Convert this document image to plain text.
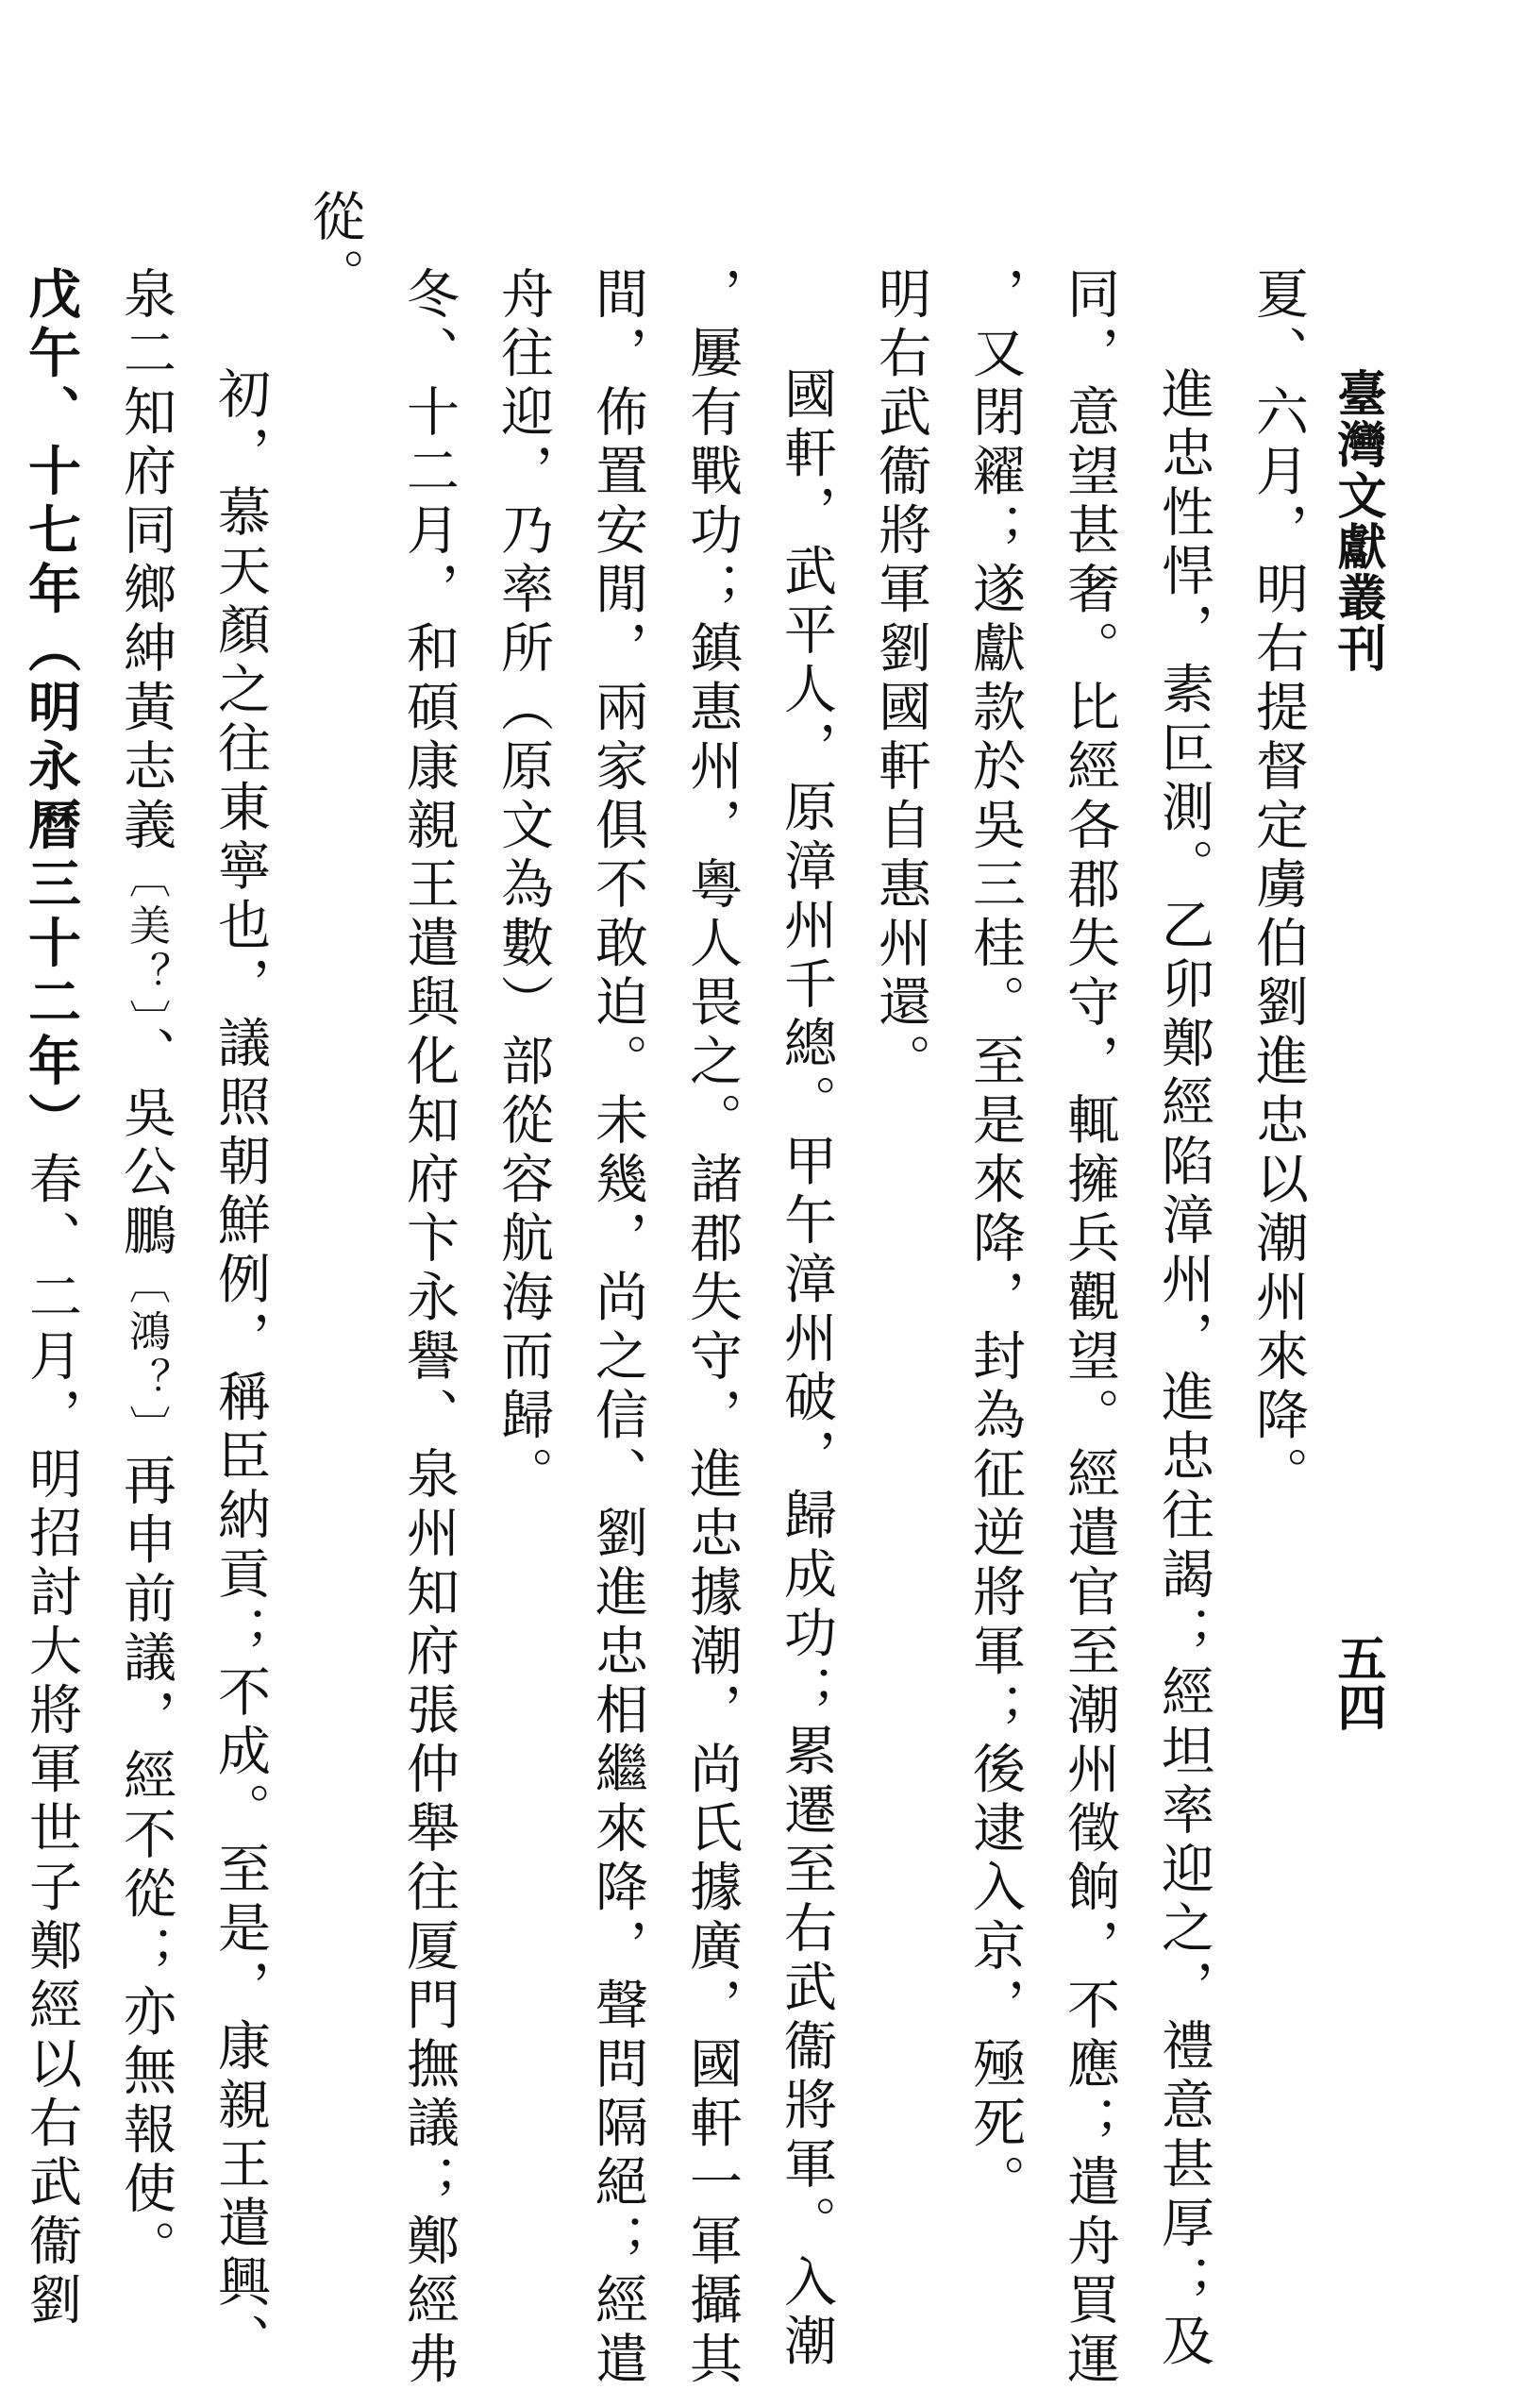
臺灣文獻叢刊
五四
夏、六月，明右提督定虜伯劉進忠以潮州來降。
進忠性悍，素叵測。乙卯鄭經陷漳州，進忠往謁；經坦率迎之，禮意甚厚；及
同，意望甚奢。比經各郡失守，輒擁兵觀望。經遣官至潮州徵餉，不應；遣舟買運
，又閉糴；遂獻款於吳三桂。至是來降，封為征逆將軍；後逮入京，殛死。
明右武衞將軍劉國軒自惠州還。
國軒，武平人，原漳州千總。甲午漳州破，歸成功；累遷至右武衞將軍。入潮
，屢有戰功；鎮惠州，粵人畏之。諸郡失守，進忠據潮，尚氏據廣，國軒一軍攝其
間，佈置安閒，兩家俱不敢迫。未幾，尚之信、劉進忠相繼來降，聲問隔絕；經遣
舟往迎，乃率所（原文為數）部從容航海而歸。
冬、十二月，和碩康親王遣與化知府卞永譽、泉州知府張仲舉往厦門撫議；鄭經弗
從。
初，慕天顏之往東寧也，議照朝鮮例，稱臣納貢；不成。至是，康親王遣興、
泉二知府同鄉紳黃志義〔美？〕、吳公鵬〔鴻？〕再申前議，經不從；亦無報使。
戊午、十七年（明永曆三十二年）春、二月，明招討大將軍世子鄭經以右武衞劉
